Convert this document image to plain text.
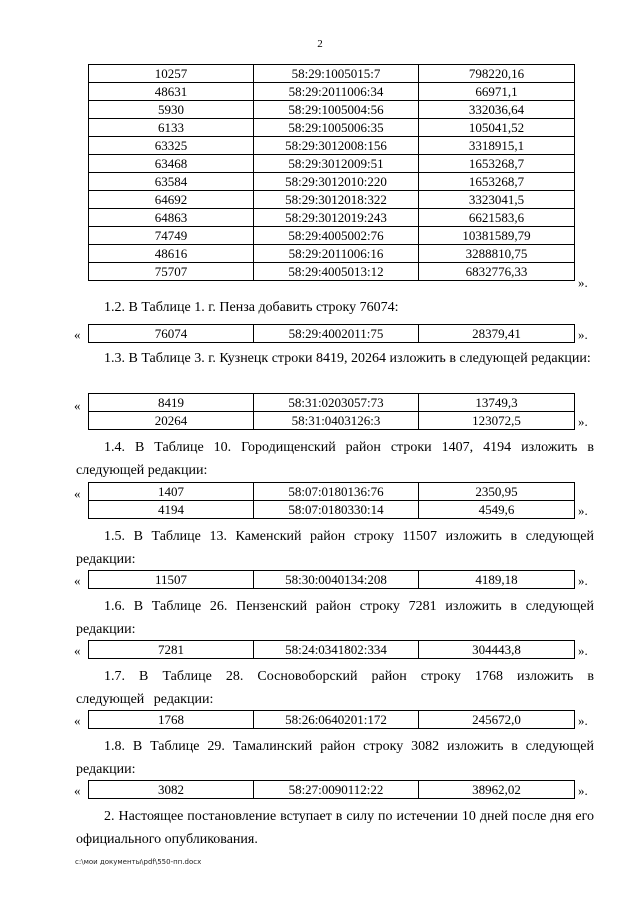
2
10257	58:29:1005015:7	798220,16
48631	58:29:2011006:34	66971,1
5930	58:29:1005004:56	332036,64
6133	58:29:1005006:35	105041,52
63325	58:29:3012008:156	3318915,1
63468	58:29:3012009:51	1653268,7
63584	58:29:3012010:220	1653268,7
64692	58:29:3012018:322	3323041,5
64863	58:29:3012019:243	6621583,6
74749	58:29:4005002:76	10381589,79
48616	58:29:2011006:16	3288810,75
75707	58:29:4005013:12	6832776,33
».
1.2. В Таблице 1. г. Пенза добавить строку 76074:
«	76074	58:29:4002011:75	28379,41	».
1.3. В Таблице 3. г. Кузнецк строки 8419, 20264 изложить в следующей редакции:
«	8419	58:31:0203057:73	13749,3
20264	58:31:0403126:3	123072,5	».
1.4. В Таблице 10. Городищенский район строки 1407, 4194 изложить в следующей редакции:
«	1407	58:07:0180136:76	2350,95
4194	58:07:0180330:14	4549,6	».
1.5. В Таблице 13. Каменский район строку 11507 изложить в следующей редакции:
«	11507	58:30:0040134:208	4189,18	».
1.6. В Таблице 26. Пензенский район строку 7281 изложить в следующей редакции:
«	7281	58:24:0341802:334	304443,8	».
1.7. В Таблице 28. Сосновоборский район строку 1768 изложить в следующей редакции:
«	1768	58:26:0640201:172	245672,0	».
1.8. В Таблице 29. Тамалинский район строку 3082 изложить в следующей редакции:
«	3082	58:27:0090112:22	38962,02	».
2. Настоящее постановление вступает в силу по истечении 10 дней после дня его официального опубликования.
c:\мои документы\pdf\550-пп.docx
